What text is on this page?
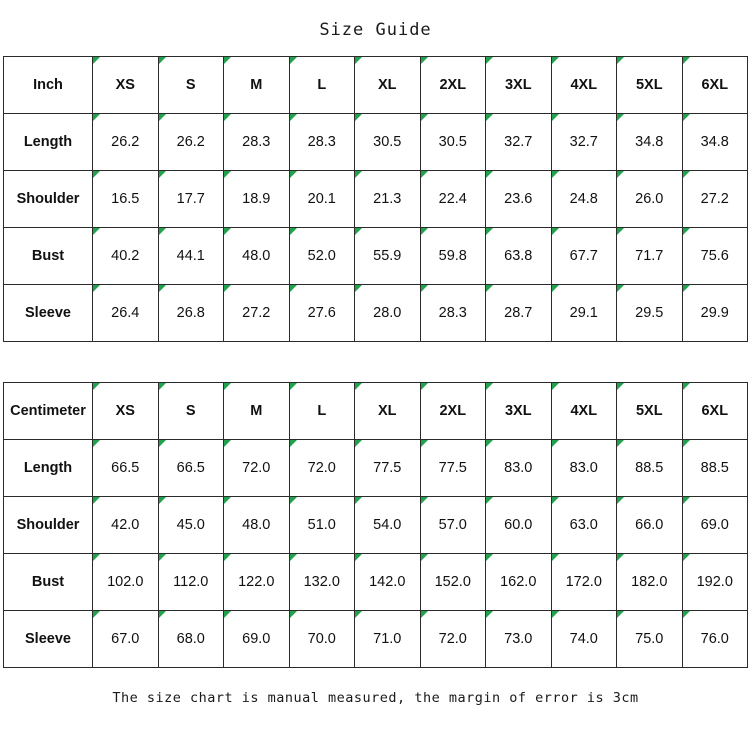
Size Guide
Inch	XS	S	M	L	XL	2XL	3XL	4XL	5XL	6XL
Length	26.2	26.2	28.3	28.3	30.5	30.5	32.7	32.7	34.8	34.8
Shoulder	16.5	17.7	18.9	20.1	21.3	22.4	23.6	24.8	26.0	27.2
Bust	40.2	44.1	48.0	52.0	55.9	59.8	63.8	67.7	71.7	75.6
Sleeve	26.4	26.8	27.2	27.6	28.0	28.3	28.7	29.1	29.5	29.9
Centimeter	XS	S	M	L	XL	2XL	3XL	4XL	5XL	6XL
Length	66.5	66.5	72.0	72.0	77.5	77.5	83.0	83.0	88.5	88.5
Shoulder	42.0	45.0	48.0	51.0	54.0	57.0	60.0	63.0	66.0	69.0
Bust	102.0	112.0	122.0	132.0	142.0	152.0	162.0	172.0	182.0	192.0
Sleeve	67.0	68.0	69.0	70.0	71.0	72.0	73.0	74.0	75.0	76.0
The size chart is manual measured, the margin of error is 3cm
